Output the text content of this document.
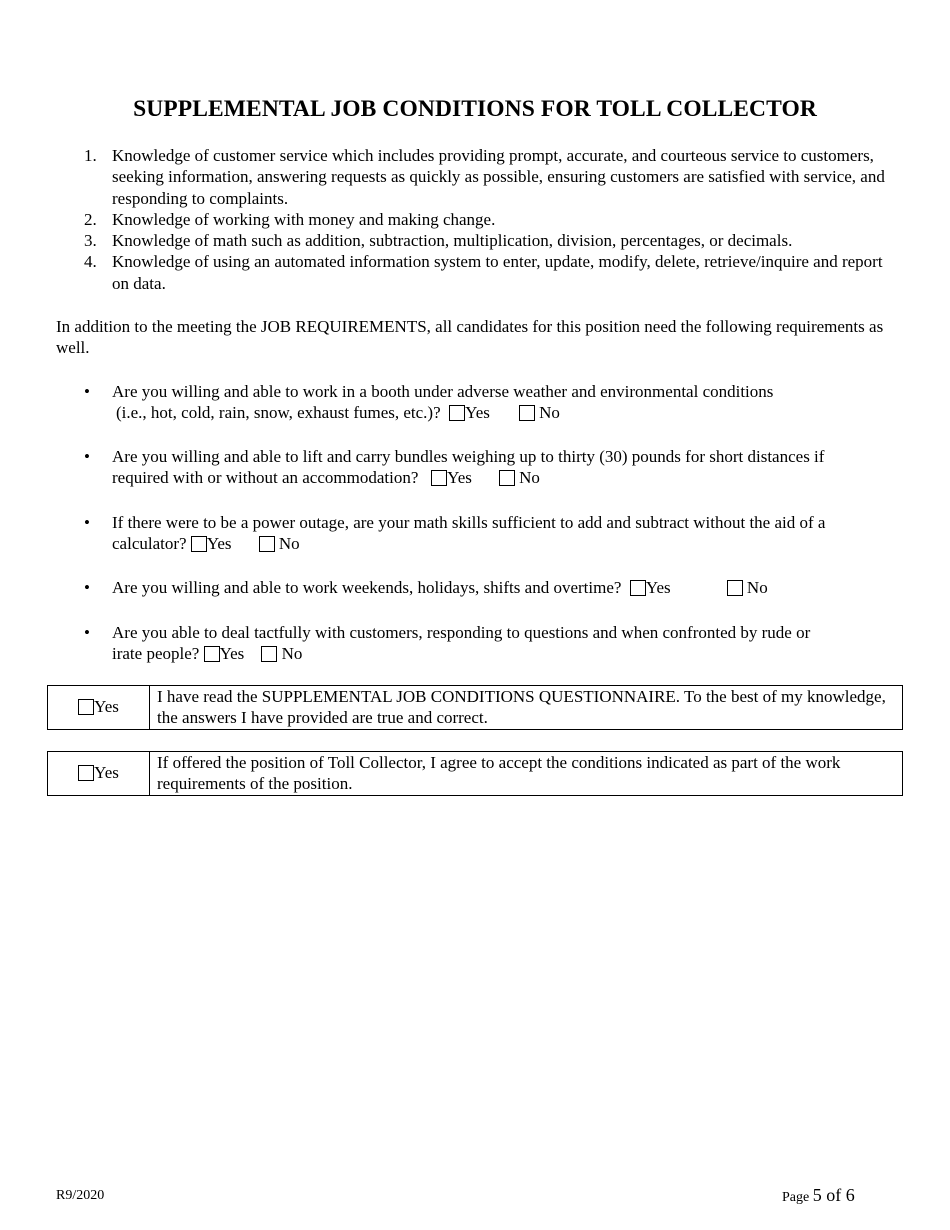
SUPPLEMENTAL JOB CONDITIONS FOR TOLL COLLECTOR
1. Knowledge of customer service which includes providing prompt, accurate, and courteous service to customers, seeking information, answering requests as quickly as possible, ensuring customers are satisfied with service, and responding to complaints.
2. Knowledge of working with money and making change.
3. Knowledge of math such as addition, subtraction, multiplication, division, percentages, or decimals.
4. Knowledge of using an automated information system to enter, update, modify, delete, retrieve/inquire and report on data.

In addition to the meeting the JOB REQUIREMENTS, all candidates for this position need the following requirements as well.

• Are you willing and able to work in a booth under adverse weather and environmental conditions
(i.e., hot, cold, rain, snow, exhaust fumes, etc.)? Yes	No
• Are you willing and able to lift and carry bundles weighing up to thirty (30) pounds for short distances if
required with or without an accommodation? Yes	No
• If there were to be a power outage, are your math skills sufficient to add and subtract without the aid of a
calculator? Yes	No
• Are you willing and able to work weekends, holidays, shifts and overtime? Yes	No
• Are you able to deal tactfully with customers, responding to questions and when confronted by rude or
irate people? Yes No
Yes	I have read the SUPPLEMENTAL JOB CONDITIONS QUESTIONNAIRE. To the best of my knowledge, the answers I have provided are true and correct.
Yes	If offered the position of Toll Collector, I agree to accept the conditions indicated as part of the work requirements of the position.
R9/2020	Page 5 of 6
